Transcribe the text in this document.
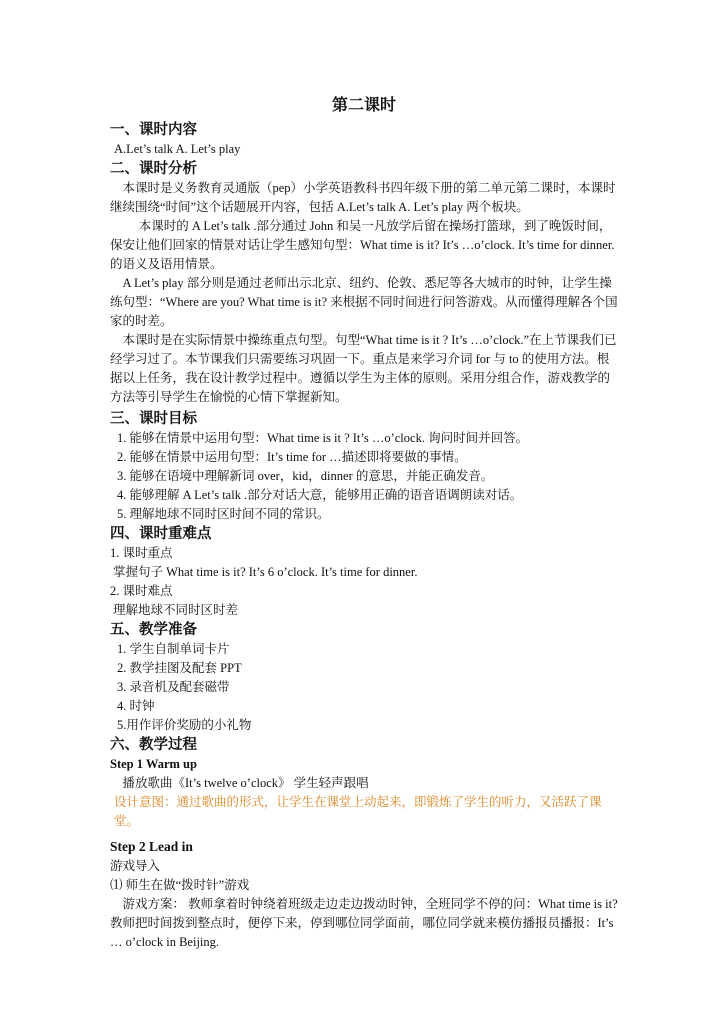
第二课时
一、课时内容
A.Let’s talk A. Let’s play
二、课时分析
本课时是义务教育灵通版（pep）小学英语教科书四年级下册的第二单元第二课时，本课时继续围绕“时间”这个话题展开内容，包括 A.Let’s talk A. Let’s play 两个板块。
本课时的 A Let’s talk .部分通过 John 和吴一凡放学后留在操场打篮球，到了晚饭时间，保安让他们回家的情景对话让学生感知句型：What time is it? It’s …o’clock. It’s time for dinner.的语义及语用情景。
A Let’s play 部分则是通过老师出示北京、纽约、伦敦、悉尼等各大城市的时钟，让学生操练句型：“Where are you? What time is it? 来根据不同时间进行问答游戏。从而懂得理解各个国家的时差。
本课时是在实际情景中操练重点句型。句型“What time is it ? It’s …o’clock.”在上节课我们已经学习过了。本节课我们只需要练习巩固一下。重点是来学习介词 for 与 to 的使用方法。根据以上任务，我在设计教学过程中。遵循以学生为主体的原则。采用分组合作，游戏教学的方法等引导学生在愉悦的心情下掌握新知。
三、课时目标
1. 能够在情景中运用句型：What time is it ? It’s …o’clock. 询问时间并回答。
2. 能够在情景中运用句型：It’s time for …描述即将要做的事情。
3. 能够在语境中理解新词 over，kid，dinner 的意思，并能正确发音。
4. 能够理解 A Let’s talk .部分对话大意，能够用正确的语音语调朗读对话。
5. 理解地球不同时区时间不同的常识。
四、课时重难点
1. 课时重点
掌握句子 What time is it? It’s 6 o’clock. It’s time for dinner.
2. 课时难点
理解地球不同时区时差
五、教学准备
1. 学生自制单词卡片
2. 教学挂图及配套 PPT
3. 录音机及配套磁带
4. 时钟
5.用作评价奖励的小礼物
六、教学过程
Step 1 Warm up
播放歌曲《It’s twelve o’clock》 学生轻声跟唱
设计意图：通过歌曲的形式，让学生在课堂上动起来，即锻炼了学生的听力，又活跃了课堂。
Step 2 Lead in
游戏导入
⑴ 师生在做“拨时针”游戏
游戏方案： 教师拿着时钟绕着班级走边走边拨动时钟，全班同学不停的问：What time is it? 教师把时间拨到整点时，便停下来，停到哪位同学面前，哪位同学就来模仿播报员播报：It’s … o’clock in Beijing.
